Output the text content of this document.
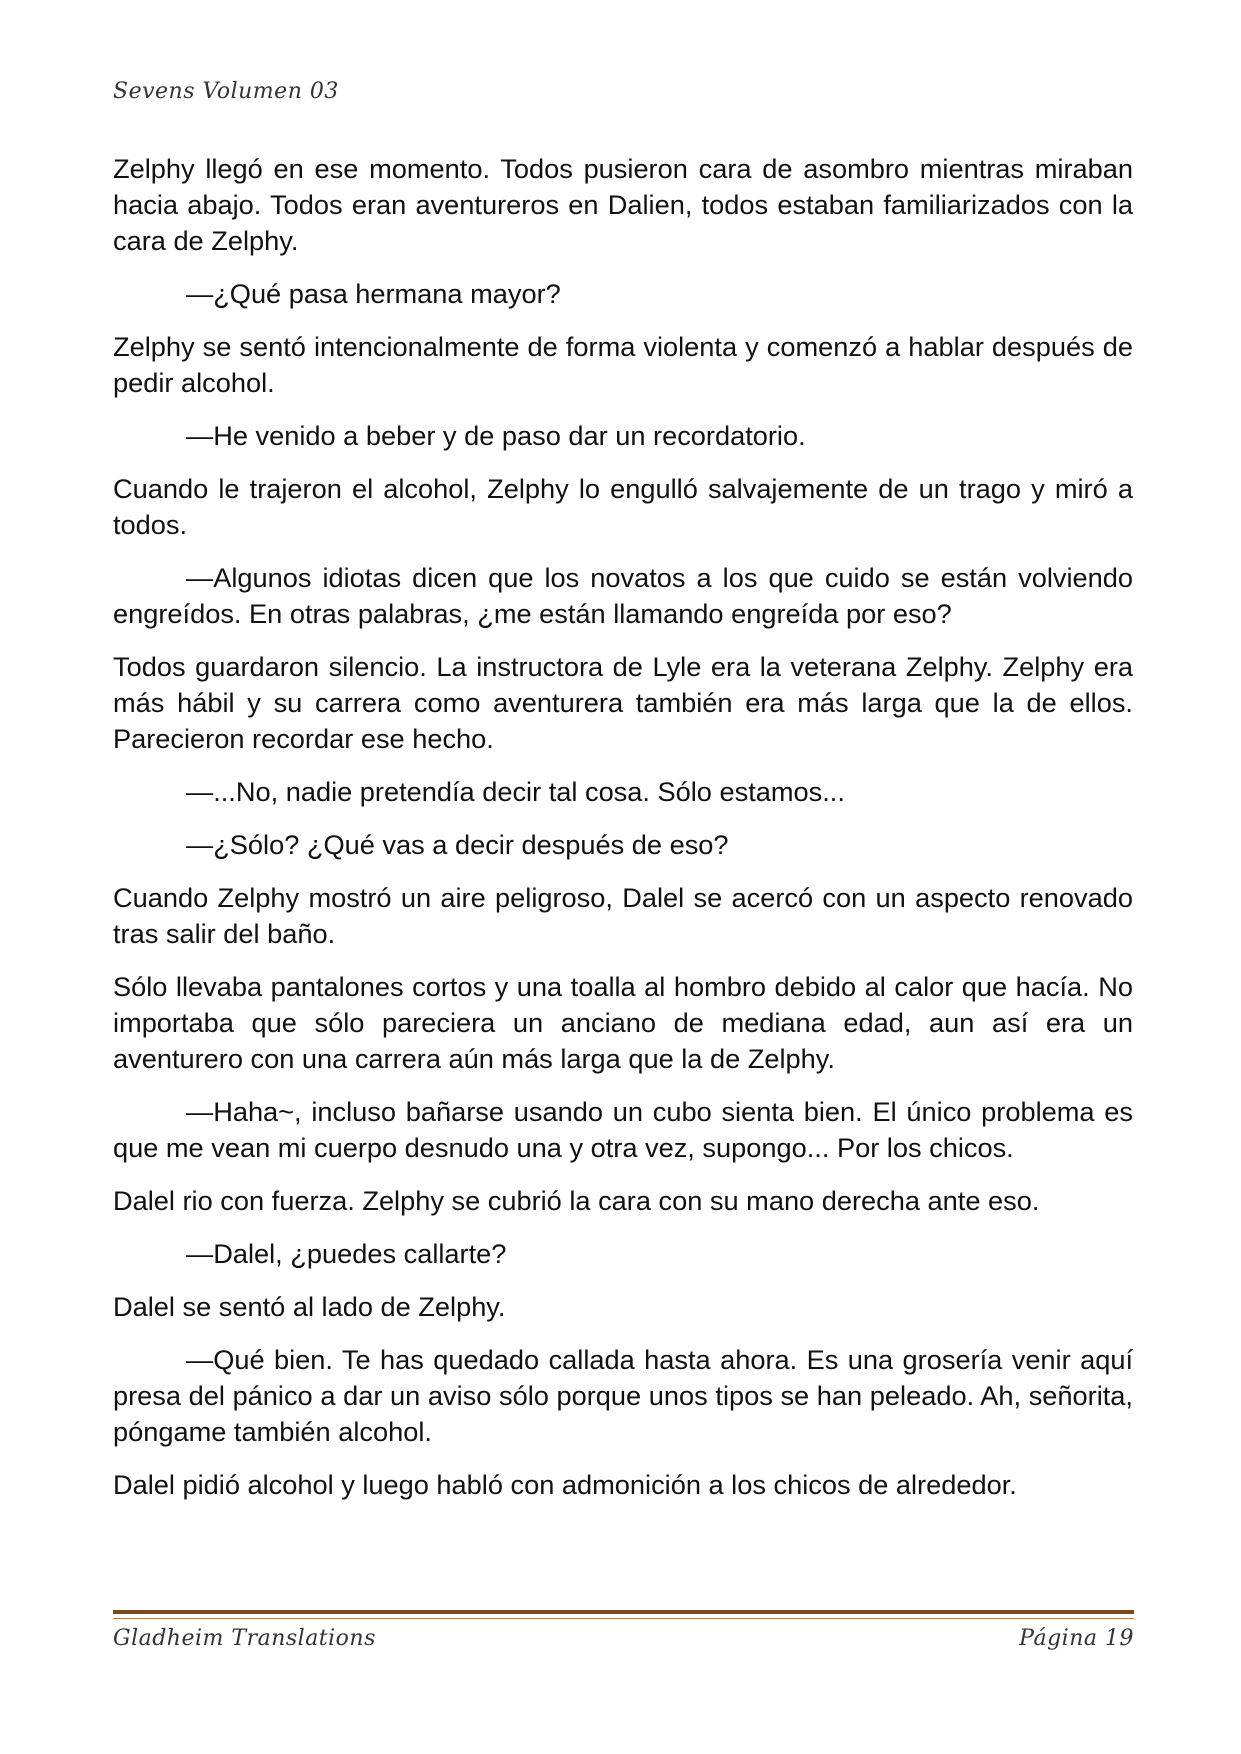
Sevens Volumen 03

Zelphy llegó en ese momento. Todos pusieron cara de asombro mientras miraban hacia abajo. Todos eran aventureros en Dalien, todos estaban familiarizados con la cara de Zelphy.

—¿Qué pasa hermana mayor?

Zelphy se sentó intencionalmente de forma violenta y comenzó a hablar después de pedir alcohol.

—He venido a beber y de paso dar un recordatorio.

Cuando le trajeron el alcohol, Zelphy lo engulló salvajemente de un trago y miró a todos.

—Algunos idiotas dicen que los novatos a los que cuido se están volviendo engreídos. En otras palabras, ¿me están llamando engreída por eso?

Todos guardaron silencio. La instructora de Lyle era la veterana Zelphy. Zelphy era más hábil y su carrera como aventurera también era más larga que la de ellos. Parecieron recordar ese hecho.

—...No, nadie pretendía decir tal cosa. Sólo estamos...

—¿Sólo? ¿Qué vas a decir después de eso?

Cuando Zelphy mostró un aire peligroso, Dalel se acercó con un aspecto renovado tras salir del baño.

Sólo llevaba pantalones cortos y una toalla al hombro debido al calor que hacía. No importaba que sólo pareciera un anciano de mediana edad, aun así era un aventurero con una carrera aún más larga que la de Zelphy.

—Haha~, incluso bañarse usando un cubo sienta bien. El único problema es que me vean mi cuerpo desnudo una y otra vez, supongo... Por los chicos.

Dalel rio con fuerza. Zelphy se cubrió la cara con su mano derecha ante eso.

—Dalel, ¿puedes callarte?

Dalel se sentó al lado de Zelphy.

—Qué bien. Te has quedado callada hasta ahora. Es una grosería venir aquí presa del pánico a dar un aviso sólo porque unos tipos se han peleado. Ah, señorita, póngame también alcohol.

Dalel pidió alcohol y luego habló con admonición a los chicos de alrededor.

Gladheim Translations	Página 19
